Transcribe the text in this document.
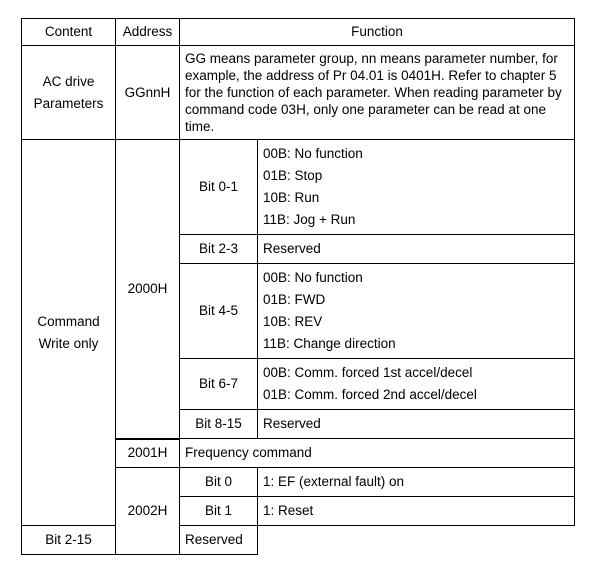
Content	Address	Function	

AC drive
Parameters	GGnnH	GG means parameter group, nn means parameter number, for example, the address of Pr 04.01 is 0401H. Refer to chapter 5 for the function of each parameter. When reading parameter by command code 03H, only one parameter can be read at one time.	

Command
Write only	2000H	Bit 0-1	00B: No function
01B: Stop
10B: Run
11B: Jog + Run

		Bit 2-3	Reserved
		Bit 4-5	00B: No function
01B: FWD
10B: REV
11B: Change direction

		Bit 6-7	00B: Comm. forced 1st accel/decel
01B: Comm. forced 2nd accel/decel

		Bit 8-15	Reserved
	2001H	Frequency command	
	2002H	Bit 0	1: EF (external fault) on
		Bit 1	1: Reset
Bit 2-15		Reserved	
